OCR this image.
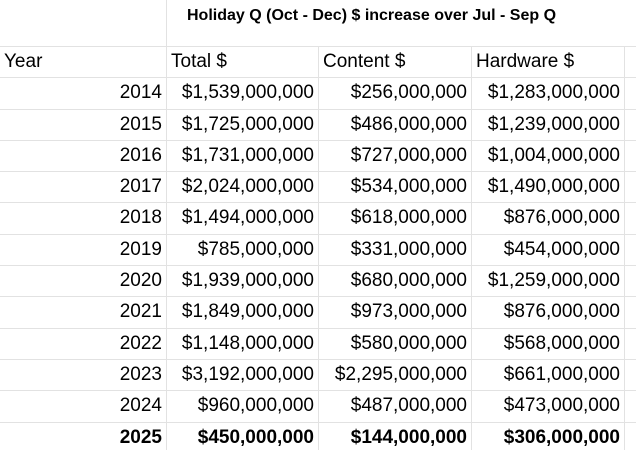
Holiday Q (Oct - Dec) $ increase over Jul - Sep Q
Year	Total $	Content $	Hardware $
2014	$1,539,000,000	$256,000,000	$1,283,000,000
2015	$1,725,000,000	$486,000,000	$1,239,000,000
2016	$1,731,000,000	$727,000,000	$1,004,000,000
2017	$2,024,000,000	$534,000,000	$1,490,000,000
2018	$1,494,000,000	$618,000,000	$876,000,000
2019	$785,000,000	$331,000,000	$454,000,000
2020	$1,939,000,000	$680,000,000	$1,259,000,000
2021	$1,849,000,000	$973,000,000	$876,000,000
2022	$1,148,000,000	$580,000,000	$568,000,000
2023	$3,192,000,000	$2,295,000,000	$661,000,000
2024	$960,000,000	$487,000,000	$473,000,000
2025	$450,000,000	$144,000,000	$306,000,000
